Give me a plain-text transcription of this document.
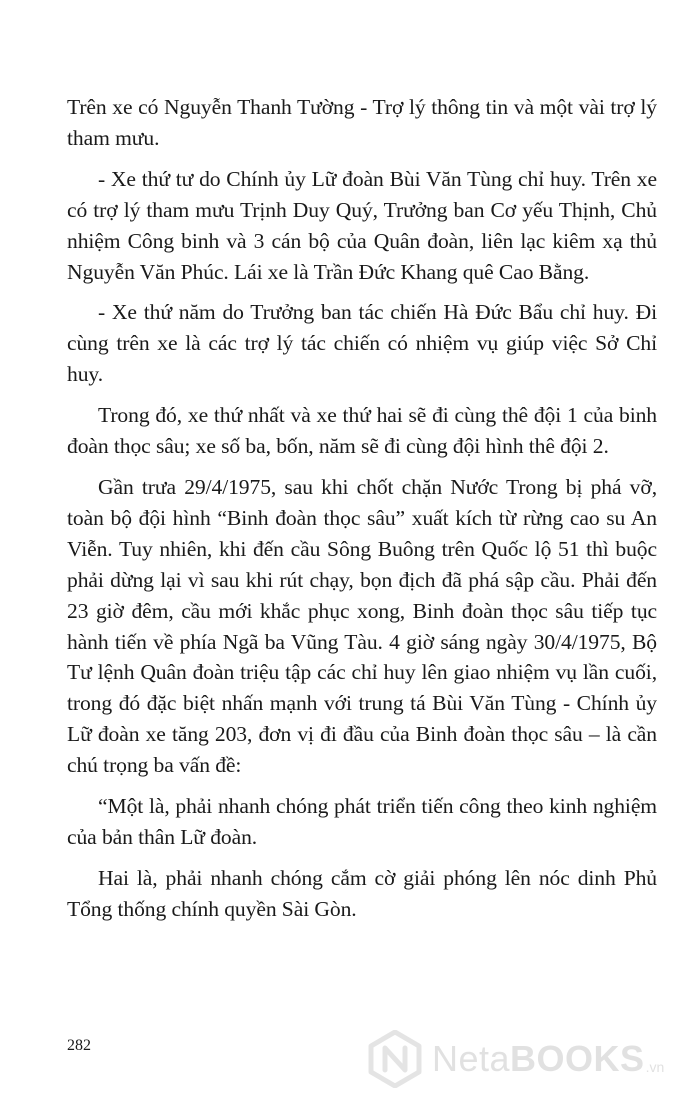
Trên xe có Nguyễn Thanh Tường - Trợ lý thông tin và một vài trợ lý tham mưu.

- Xe thứ tư do Chính ủy Lữ đoàn Bùi Văn Tùng chỉ huy. Trên xe có trợ lý tham mưu Trịnh Duy Quý, Trưởng ban Cơ yếu Thịnh, Chủ nhiệm Công binh và 3 cán bộ của Quân đoàn, liên lạc kiêm xạ thủ Nguyễn Văn Phúc. Lái xe là Trần Đức Khang quê Cao Bằng.

- Xe thứ năm do Trưởng ban tác chiến Hà Đức Bẩu chỉ huy. Đi cùng trên xe là các trợ lý tác chiến có nhiệm vụ giúp việc Sở Chỉ huy.

Trong đó, xe thứ nhất và xe thứ hai sẽ đi cùng thê đội 1 của binh đoàn thọc sâu; xe số ba, bốn, năm sẽ đi cùng đội hình thê đội 2.

Gần trưa 29/4/1975, sau khi chốt chặn Nước Trong bị phá vỡ, toàn bộ đội hình “Binh đoàn thọc sâu” xuất kích từ rừng cao su An Viễn. Tuy nhiên, khi đến cầu Sông Buông trên Quốc lộ 51 thì buộc phải dừng lại vì sau khi rút chạy, bọn địch đã phá sập cầu. Phải đến 23 giờ đêm, cầu mới khắc phục xong, Binh đoàn thọc sâu tiếp tục hành tiến về phía Ngã ba Vũng Tàu. 4 giờ sáng ngày 30/4/1975, Bộ Tư lệnh Quân đoàn triệu tập các chỉ huy lên giao nhiệm vụ lần cuối, trong đó đặc biệt nhấn mạnh với trung tá Bùi Văn Tùng - Chính ủy Lữ đoàn xe tăng 203, đơn vị đi đầu của Binh đoàn thọc sâu – là cần chú trọng ba vấn đề:

“Một là, phải nhanh chóng phát triển tiến công theo kinh nghiệm của bản thân Lữ đoàn.

Hai là, phải nhanh chóng cắm cờ giải phóng lên nóc dinh Phủ Tổng thống chính quyền Sài Gòn.

282	NetaBOOKS .vn
